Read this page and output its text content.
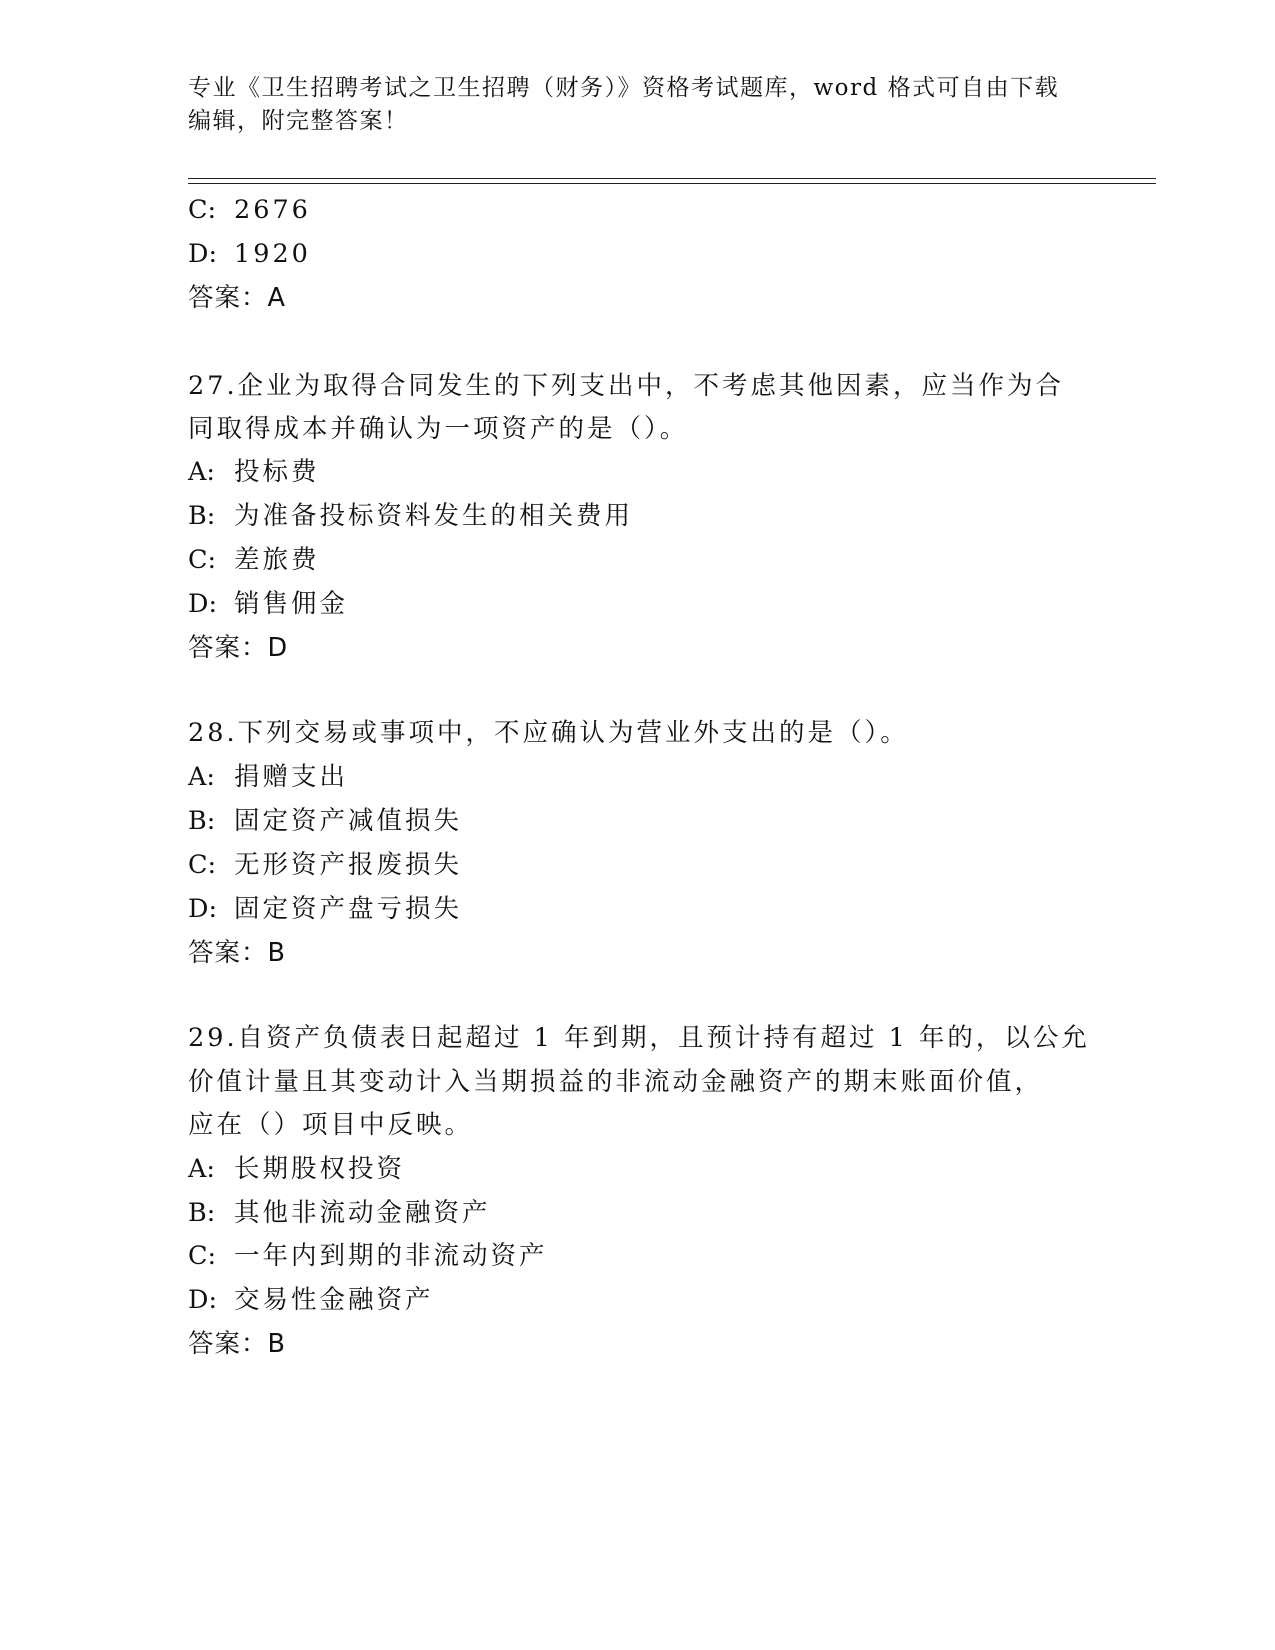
专业《卫生招聘考试之卫生招聘（财务）》资格考试题库，word 格式可自由下载
编辑，附完整答案！
C: 2676
D: 1920
答案：A
27.企业为取得合同发生的下列支出中，不考虑其他因素，应当作为合
同取得成本并确认为一项资产的是（）。
A: 投标费
B: 为准备投标资料发生的相关费用
C: 差旅费
D: 销售佣金
答案：D
28.下列交易或事项中，不应确认为营业外支出的是（）。
A: 捐赠支出
B: 固定资产减值损失
C: 无形资产报废损失
D: 固定资产盘亏损失
答案：B
29.自资产负债表日起超过 1 年到期，且预计持有超过 1 年的，以公允
价值计量且其变动计入当期损益的非流动金融资产的期末账面价值，
应在（）项目中反映。
A: 长期股权投资
B: 其他非流动金融资产
C: 一年内到期的非流动资产
D: 交易性金融资产
答案：B
